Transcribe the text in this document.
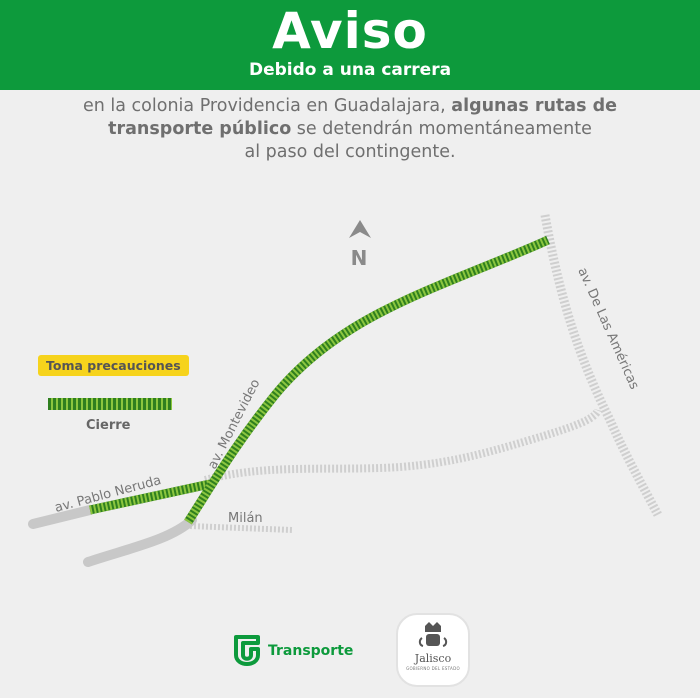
Aviso
Debido a una carrera
en la colonia Providencia en Guadalajara, algunas rutas de
transporte público se detendrán momentáneamente
al paso del contingente.
N
av. Montevideo
av. Pablo Neruda
av. De Las Américas
Milán
Toma precauciones
Cierre
Transporte	Jalisco
GOBIERNO DEL ESTADO
